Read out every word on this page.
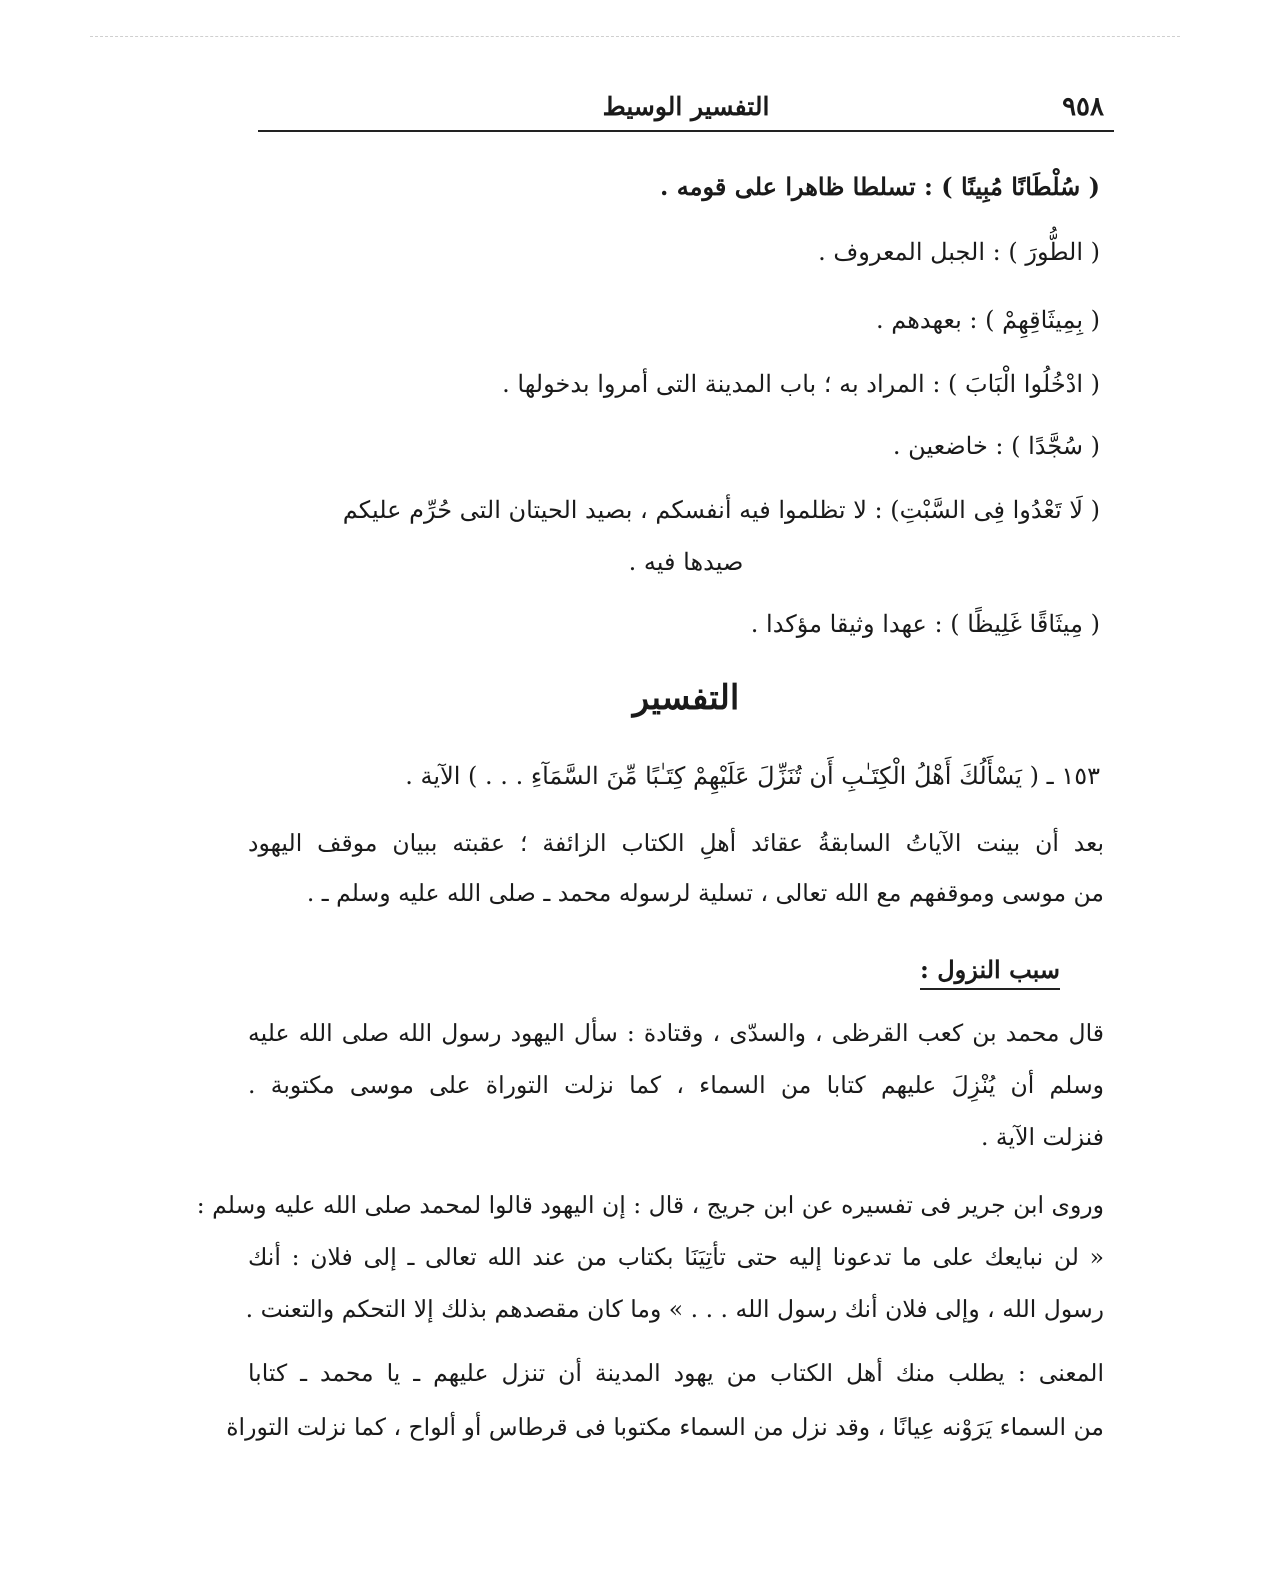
٩٥٨
التفسير الوسيط
( سُلْطَانًا مُبِينًا ) : تسلطا ظاهرا على قومه .
( الطُّورَ ) : الجبل المعروف .
( بِمِيثَاقِهِمْ ) : بعهدهم .
( ادْخُلُوا الْبَابَ ) : المراد به ؛ باب المدينة التى أمروا بدخولها .
( سُجَّدًا ) : خاضعين .
( لَا تَعْدُوا فِى السَّبْتِ) : لا تظلموا فيه أنفسكم ، بصيد الحيتان التى حُرِّم عليكم
صيدها فيه .
( مِيثَاقًا غَلِيظًا ) : عهدا وثيقا مؤكدا .
التفسير
١٥٣ ـ ( يَسْأَلُكَ أَهْلُ الْكِتَـٰبِ أَن تُنَزِّلَ عَلَيْهِمْ كِتَـٰبًا مِّنَ السَّمَآءِ . . . ) الآية .
بعد أن بينت الآياتُ السابقةُ عقائد أهلِ الكتاب الزائفة ؛ عقبته ببيان موقف اليهود
من موسى وموقفهم مع الله تعالى ، تسلية لرسوله محمد ـ صلى الله عليه وسلم ـ .
سبب النزول :
قال محمد بن كعب القرظى ، والسدّى ، وقتادة : سأل اليهود رسول الله صلى الله عليه
وسلم أن يُنْزِلَ عليهم كتابا من السماء ، كما نزلت التوراة على موسى مكتوبة .
فنزلت الآية .
وروى ابن جرير فى تفسيره عن ابن جريج ، قال : إن اليهود قالوا لمحمد صلى الله عليه وسلم :
« لن نبايعك على ما تدعونا إليه حتى تأتِيَنَا بكتاب من عند الله تعالى ـ إلى فلان : أنك
رسول الله ، وإلى فلان أنك رسول الله . . . » وما كان مقصدهم بذلك إلا التحكم والتعنت .
المعنى : يطلب منك أهل الكتاب من يهود المدينة أن تنزل عليهم ـ يا محمد ـ كتابا
من السماء يَرَوْنه عِيانًا ، وقد نزل من السماء مكتوبا فى قرطاس أو ألواح ، كما نزلت التوراة
